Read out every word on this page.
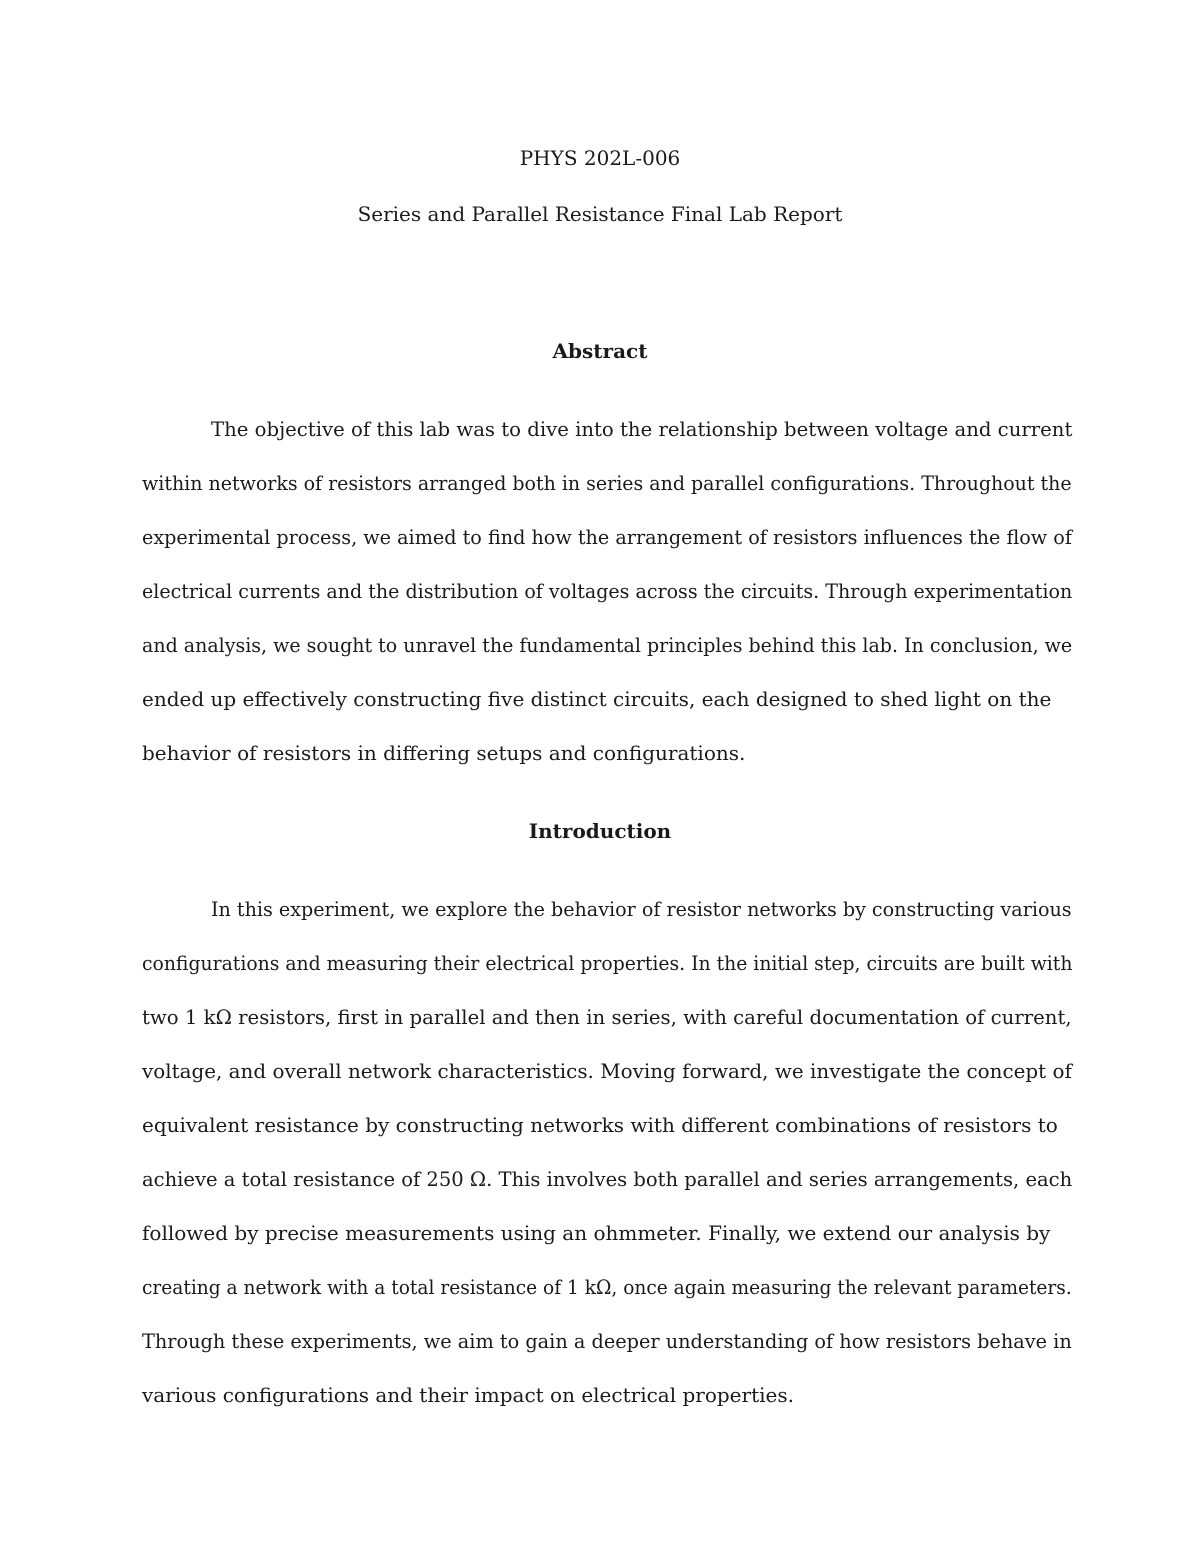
PHYS 202L-006
Series and Parallel Resistance Final Lab Report
Abstract
The objective of this lab was to dive into the relationship between voltage and current
within networks of resistors arranged both in series and parallel configurations. Throughout the
experimental process, we aimed to find how the arrangement of resistors influences the flow of
electrical currents and the distribution of voltages across the circuits. Through experimentation
and analysis, we sought to unravel the fundamental principles behind this lab. In conclusion, we
ended up effectively constructing five distinct circuits, each designed to shed light on the
behavior of resistors in differing setups and configurations.
Introduction
In this experiment, we explore the behavior of resistor networks by constructing various
configurations and measuring their electrical properties. In the initial step, circuits are built with
two 1 kΩ resistors, first in parallel and then in series, with careful documentation of current,
voltage, and overall network characteristics. Moving forward, we investigate the concept of
equivalent resistance by constructing networks with different combinations of resistors to
achieve a total resistance of 250 Ω. This involves both parallel and series arrangements, each
followed by precise measurements using an ohmmeter. Finally, we extend our analysis by
creating a network with a total resistance of 1 kΩ, once again measuring the relevant parameters.
Through these experiments, we aim to gain a deeper understanding of how resistors behave in
various configurations and their impact on electrical properties.
